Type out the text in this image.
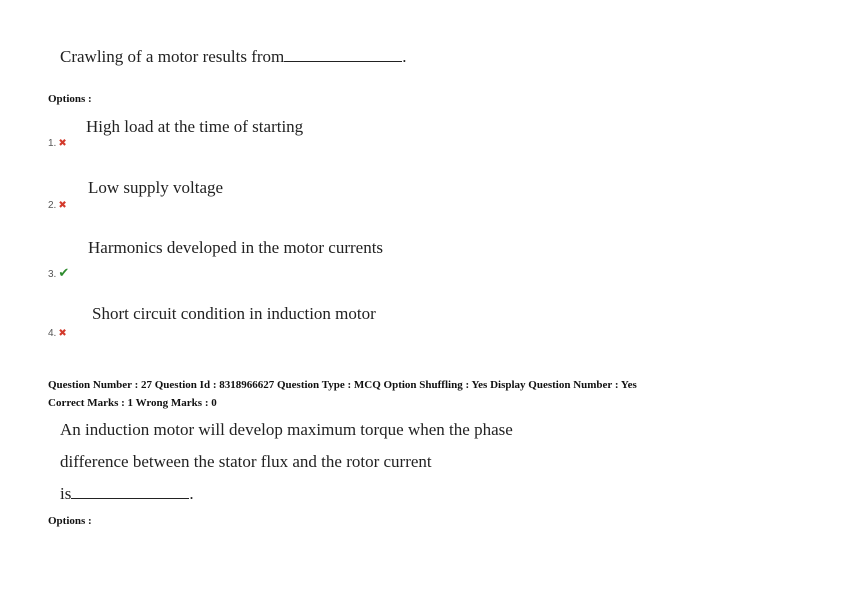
Crawling of a motor results from	.
Options :
High load at the time of starting
1. ✖
Low supply voltage
2. ✖
Harmonics developed in the motor currents
3. ✔
Short circuit condition in induction motor
4. ✖
Question Number : 27 Question Id : 8318966627 Question Type : MCQ Option Shuffling : Yes Display Question Number : Yes
Correct Marks : 1 Wrong Marks : 0
An induction motor will develop maximum torque when the phase
difference between the stator flux and the rotor current
is	.
Options :
